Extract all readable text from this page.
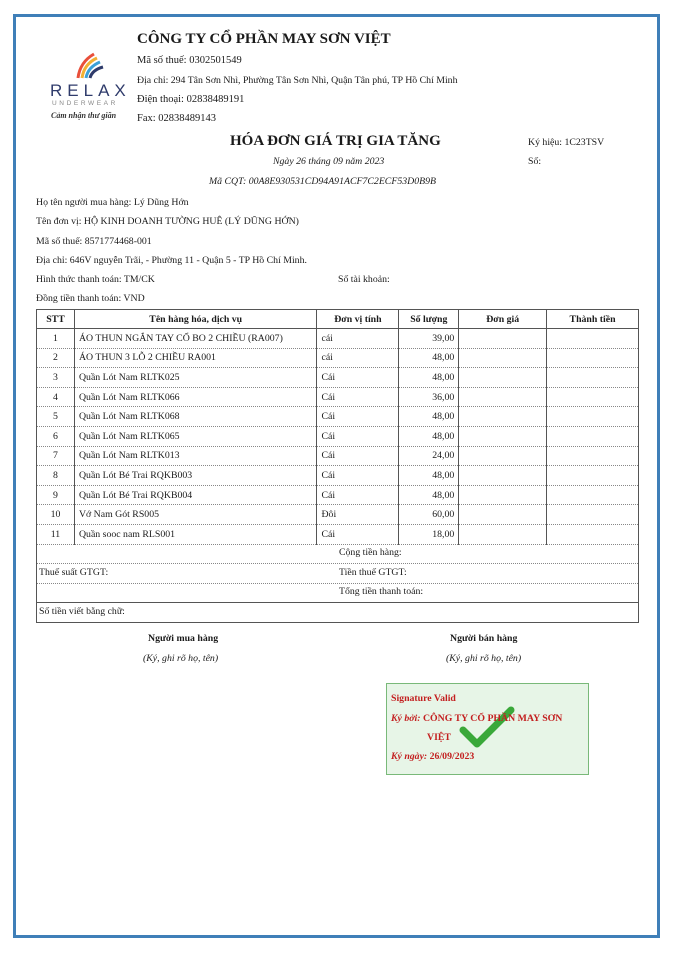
RELAX
UNDERWEAR
Cảm nhận thư giãn
CÔNG TY CỔ PHẦN MAY SƠN VIỆT
Mã số thuế: 0302501549
Địa chỉ: 294 Tân Sơn Nhì, Phường Tân Sơn Nhì, Quận Tân phú, TP Hồ Chí Minh
Điện thoại: 02838489191
Fax: 02838489143
HÓA ĐƠN GIÁ TRỊ GIA TĂNG
Ngày 26 tháng 09 năm 2023
Mã CQT: 00A8E930531CD94A91ACF7C2ECF53D0B9B
Ký hiệu: 1C23TSV
Số:
Họ tên người mua hàng: Lý Dũng Hớn
Tên đơn vị: HỘ KINH DOANH TƯỜNG HUÊ (LÝ DŨNG HỚN)
Mã số thuế: 8571774468-001
Địa chỉ: 646V nguyễn Trãi, - Phường 11 - Quận 5 - TP Hồ Chí Minh.
Hình thức thanh toán: TM/CK	Số tài khoản:
Đồng tiền thanh toán: VND
STT	Tên hàng hóa, dịch vụ	Đơn vị tính	Số lượng	Đơn giá	Thành tiền
1	ÁO THUN NGẮN TAY CỔ BO 2 CHIỀU (RA007)	cái	39,00		
2	ÁO THUN 3 LỖ 2 CHIỀU RA001	cái	48,00		
3	Quần Lót Nam RLTK025	Cái	48,00		
4	Quần Lót Nam RLTK066	Cái	36,00		
5	Quần Lót Nam RLTK068	Cái	48,00		
6	Quần Lót Nam RLTK065	Cái	48,00		
7	Quần Lót Nam RLTK013	Cái	24,00		
8	Quần Lót Bé Trai RQKB003	Cái	48,00		
9	Quần Lót Bé Trai RQKB004	Cái	48,00		
10	Vớ Nam Gót RS005	Đôi	60,00		
11	Quần sooc nam RLS001	Cái	18,00		
Cộng tiền hàng:
Thuế suất GTGT:	Tiền thuế GTGT:
Tổng tiền thanh toán:
Số tiền viết bằng chữ:
Người mua hàng
(Ký, ghi rõ họ, tên)
Người bán hàng
(Ký, ghi rõ họ, tên)
Signature Valid
Ký bởi: CÔNG TY CỔ PHẦN MAY SƠN
VIỆT
Ký ngày: 26/09/2023
